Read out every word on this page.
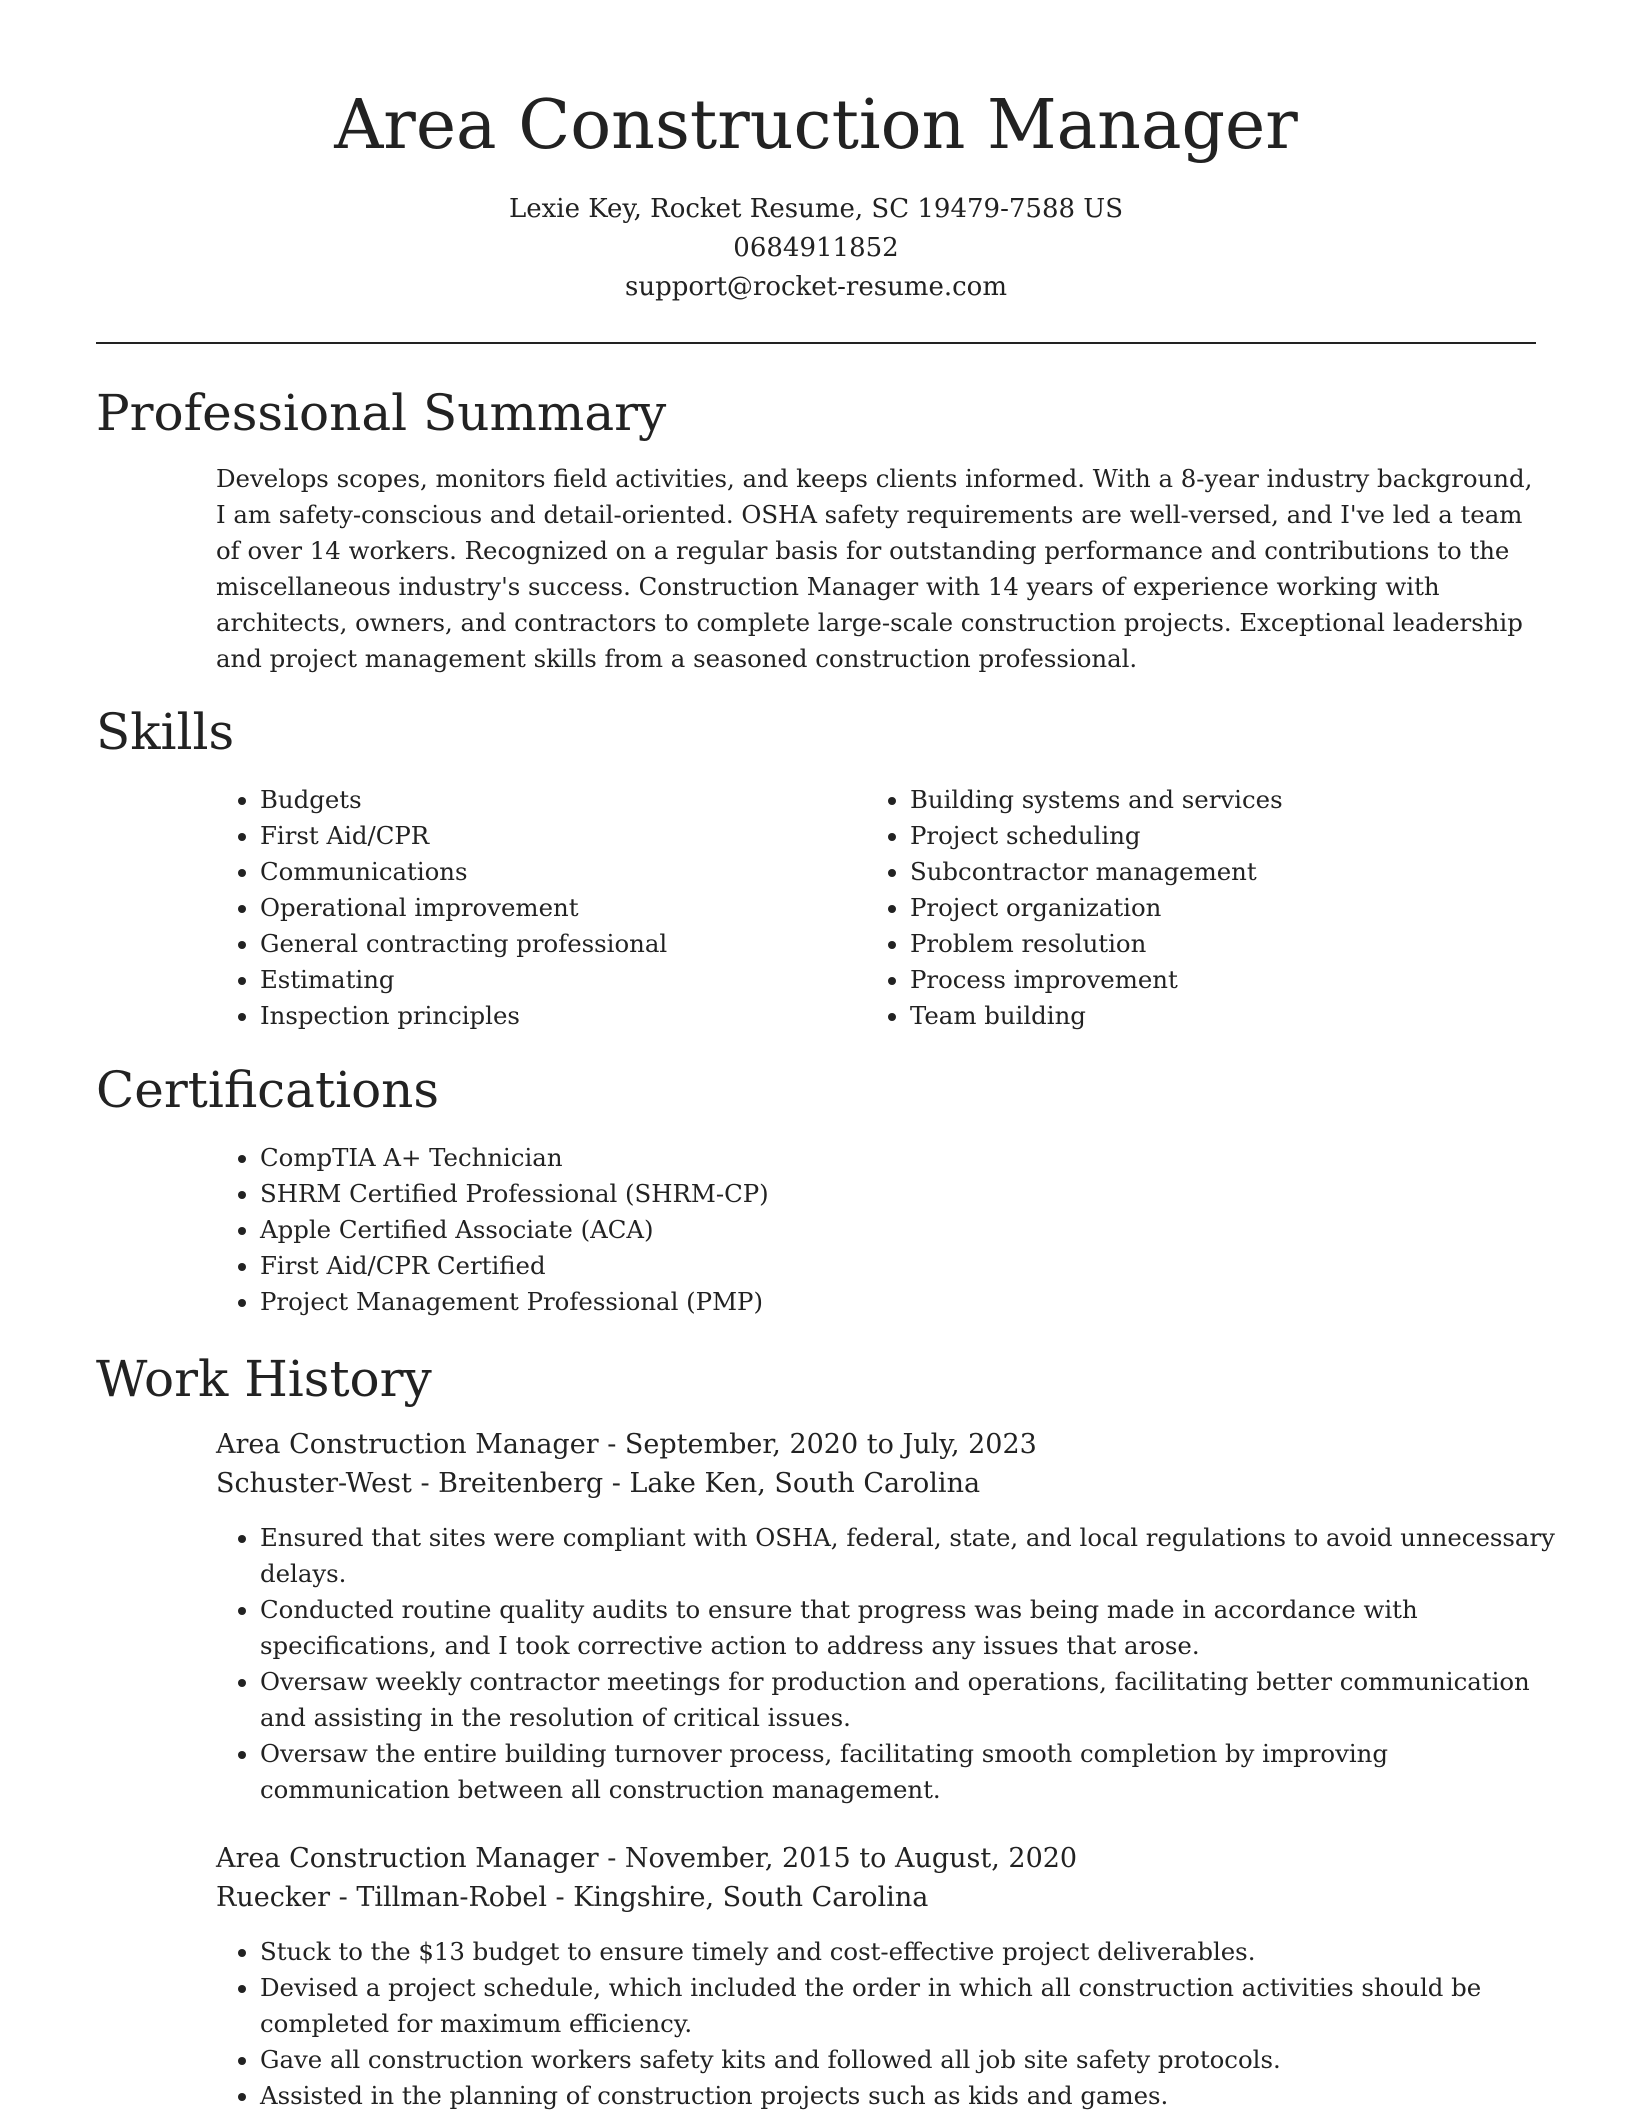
Area Construction Manager
Lexie Key, Rocket Resume, SC 19479-7588 US
0684911852
support@rocket-resume.com
Professional Summary

Develops scopes, monitors field activities, and keeps clients informed. With a 8-year industry background, I am safety-conscious and detail-oriented. OSHA safety requirements are well-versed, and I've led a team of over 14 workers. Recognized on a regular basis for outstanding performance and contributions to the miscellaneous industry's success. Construction Manager with 14 years of experience working with architects, owners, and contractors to complete large-scale construction projects. Exceptional leadership and project management skills from a seasoned construction professional.

Skills
• Budgets
• First Aid/CPR
• Communications
• Operational improvement
• General contracting professional
• Estimating
• Inspection principles
• Building systems and services
• Project scheduling
• Subcontractor management
• Project organization
• Problem resolution
• Process improvement
• Team building
Certifications
• CompTIA A+ Technician
• SHRM Certified Professional (SHRM-CP)
• Apple Certified Associate (ACA)
• First Aid/CPR Certified
• Project Management Professional (PMP)
Work History

Area Construction Manager - September, 2020 to July, 2023

Schuster-West - Breitenberg - Lake Ken, South Carolina

• Ensured that sites were compliant with OSHA, federal, state, and local regulations to avoid unnecessary delays.
• Conducted routine quality audits to ensure that progress was being made in accordance with specifications, and I took corrective action to address any issues that arose.
• Oversaw weekly contractor meetings for production and operations, facilitating better communication and assisting in the resolution of critical issues.
• Oversaw the entire building turnover process, facilitating smooth completion by improving communication between all construction management.

Area Construction Manager - November, 2015 to August, 2020

Ruecker - Tillman-Robel - Kingshire, South Carolina

• Stuck to the $13 budget to ensure timely and cost-effective project deliverables.
• Devised a project schedule, which included the order in which all construction activities should be completed for maximum efficiency.
• Gave all construction workers safety kits and followed all job site safety protocols.
• Assisted in the planning of construction projects such as kids and games.
